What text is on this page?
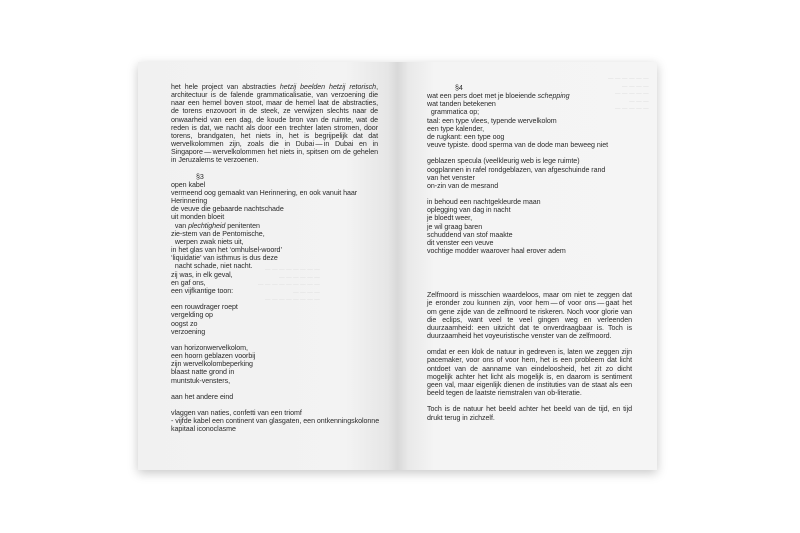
— — — — — — — —
— — — — — —
— — — — — — — — —
— — — —
— — — — — — — —

het hele project van abstracties hetzij beelden hetzij retorisch, architectuur is de falende grammaticalisatie, van verzoening die naar een hemel boven stoot, maar de hemel laat de abstracties, de torens enzovoort in de steek, ze verwijzen slechts naar de onwaarheid van een dag, de koude bron van de ruimte, wat de reden is dat, we nacht als door een trechter laten stromen, door torens, brandgaten, het niets in, het is begrijpelijk dat dat wervelkolommen zijn, zoals die in Dubai — in Dubai en in Singapore — wervelkolommen het niets in, spitsen om de gehelen in Jeruzalems te verzoenen.

§3
open kabel
vermeend oog gemaakt van Herinnering, en ook vanuit haar
Herinnering
de veuve die gebaarde nachtschade
uit monden bloeit
van plechtigheid penitenten
zie-stem van de Pentomische,
werpen zwak niets uit,
in het glas van het ‘omhulsel-woord’
‘liquidatie’ van isthmus is dus deze
nacht schade, niet nacht.
zij was, in elk geval,
en gaf ons,
een vijfkantige toon:
een rouwdrager roept
vergelding op
oogst zo
verzoening
van horizonwervelkolom,
een hoorn geblazen voorbij
zijn wervelkolombeperking
blaast natte grond in
muntstuk-vensters,
aan het andere eind
vlaggen van naties, confetti van een triomf
- vijfde kabel een continent van glasgaten, een ontkenningskolonne
kapitaal iconoclasme
— — — — — —
— — — —
— — — — —
— — —
— — — — —
§4
wat een pers doet met je bloeiende schepping
wat tanden betekenen
grammatica op;
taal: een type vlees, typende wervelkolom
een type kalender,
de rugkant: een type oog
veuve typiste. dood sperma van de dode man beweeg niet
geblazen specula (veelkleurig web is lege ruimte)
oogplannen in rafel rondgeblazen, van afgeschuinde rand
van het venster
on-zin van de mesrand
in behoud een nachtgekleurde maan
oplegging van dag in nacht
je bloedt weer,
je wil graag baren
schuddend van stof maakte
dit venster een veuve
vochtige modder waarover haal erover adem

Zelfmoord is misschien waardeloos, maar om niet te zeggen dat je eronder zou kunnen zijn, voor hem — of voor ons — gaat het om gene zijde van de zelfmoord te riskeren. Noch voor glorie van die eclips, want veel te veel gingen weg en verleenden duurzaamheid: een uitzicht dat te onverdraagbaar is. Toch is duurzaamheid het voyeuristische venster van de zelfmoord.

omdat er een klok de natuur in gedreven is, laten we zeggen zijn pacemaker, voor ons of voor hem, het is een probleem dat licht ontdoet van de aanname van eindeloosheid, het zit zo dicht mogelijk achter het licht als mogelijk is, en daarom is sentiment geen val, maar eigenlijk dienen de instituties van de staat als een beeld tegen de laatste riemstralen van ob-literatie.

Toch is de natuur het beeld achter het beeld van de tijd, en tijd drukt terug in zichzelf.
